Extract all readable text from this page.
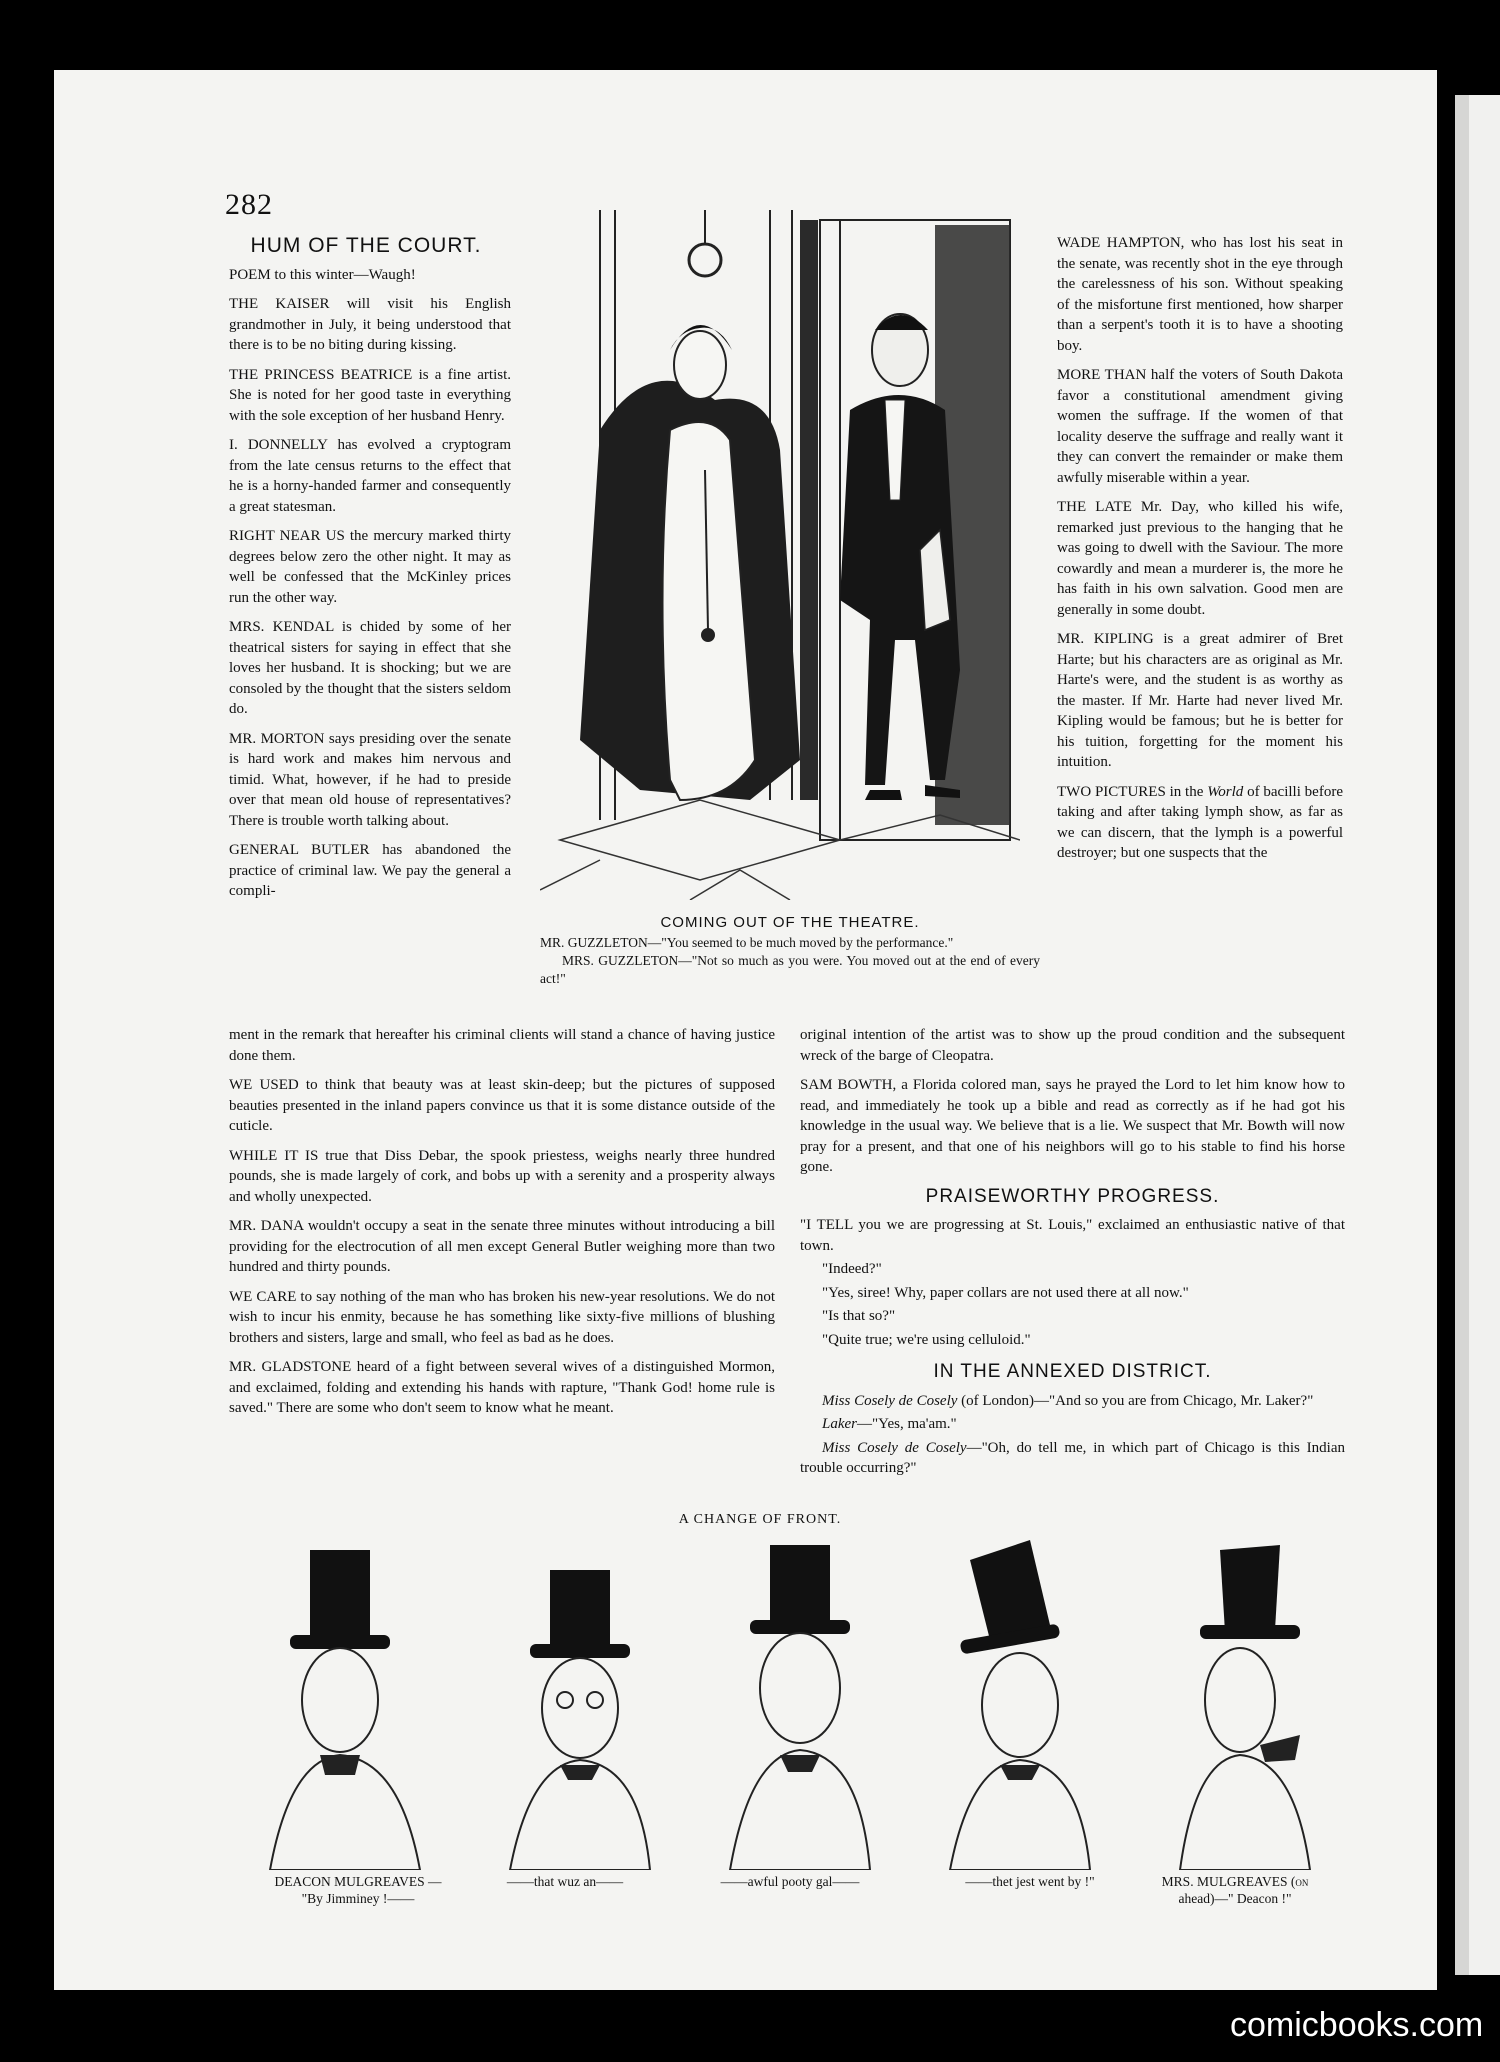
282
HUM OF THE COURT.

POEM to this winter—Waugh!

THE KAISER will visit his English grandmother in July, it being understood that there is to be no biting during kissing.

THE PRINCESS BEATRICE is a fine artist. She is noted for her good taste in everything with the sole exception of her husband Henry.

I. DONNELLY has evolved a cryptogram from the late census returns to the effect that he is a horny-handed farmer and consequently a great statesman.

RIGHT NEAR US the mercury marked thirty degrees below zero the other night. It may as well be confessed that the McKinley prices run the other way.

MRS. KENDAL is chided by some of her theatrical sisters for saying in effect that she loves her husband. It is shocking; but we are consoled by the thought that the sisters seldom do.

MR. MORTON says presiding over the senate is hard work and makes him nervous and timid. What, however, if he had to preside over that mean old house of representatives? There is trouble worth talking about.

GENERAL BUTLER has abandoned the practice of criminal law. We pay the general a compli-

COMING OUT OF THE THEATRE.

MR. GUZZLETON—"You seemed to be much moved by the performance."

MRS. GUZZLETON—"Not so much as you were. You moved out at the end of every act!"

WADE HAMPTON, who has lost his seat in the senate, was recently shot in the eye through the carelessness of his son. Without speaking of the misfortune first mentioned, how sharper than a serpent's tooth it is to have a shooting boy.

MORE THAN half the voters of South Dakota favor a constitutional amendment giving women the suffrage. If the women of that locality deserve the suffrage and really want it they can convert the remainder or make them awfully miserable within a year.

THE LATE Mr. Day, who killed his wife, remarked just previous to the hanging that he was going to dwell with the Saviour. The more cowardly and mean a murderer is, the more he has faith in his own salvation. Good men are generally in some doubt.

MR. KIPLING is a great admirer of Bret Harte; but his characters are as original as Mr. Harte's were, and the student is as worthy as the master. If Mr. Harte had never lived Mr. Kipling would be famous; but he is better for his tuition, forgetting for the moment his intuition.

TWO PICTURES in the World of bacilli before taking and after taking lymph show, as far as we can discern, that the lymph is a powerful destroyer; but one suspects that the

ment in the remark that hereafter his criminal clients will stand a chance of having justice done them.

WE USED to think that beauty was at least skin-deep; but the pictures of supposed beauties presented in the inland papers convince us that it is some distance outside of the cuticle.

WHILE IT IS true that Diss Debar, the spook priestess, weighs nearly three hundred pounds, she is made largely of cork, and bobs up with a serenity and a prosperity always and wholly unexpected.

MR. DANA wouldn't occupy a seat in the senate three minutes without introducing a bill providing for the electrocution of all men except General Butler weighing more than two hundred and thirty pounds.

WE CARE to say nothing of the man who has broken his new-year resolutions. We do not wish to incur his enmity, because he has something like sixty-five millions of blushing brothers and sisters, large and small, who feel as bad as he does.

MR. GLADSTONE heard of a fight between several wives of a distinguished Mormon, and exclaimed, folding and extending his hands with rapture, "Thank God! home rule is saved." There are some who don't seem to know what he meant.

original intention of the artist was to show up the proud condition and the subsequent wreck of the barge of Cleopatra.

SAM BOWTH, a Florida colored man, says he prayed the Lord to let him know how to read, and immediately he took up a bible and read as correctly as if he had got his knowledge in the usual way. We believe that is a lie. We suspect that Mr. Bowth will now pray for a present, and that one of his neighbors will go to his stable to find his horse gone.

PRAISEWORTHY PROGRESS.

"I TELL you we are progressing at St. Louis," exclaimed an enthusiastic native of that town.

"Indeed?"

"Yes, siree! Why, paper collars are not used there at all now."

"Is that so?"

"Quite true; we're using celluloid."

IN THE ANNEXED DISTRICT.

Miss Cosely de Cosely (of London)—"And so you are from Chicago, Mr. Laker?"

Laker—"Yes, ma'am."

Miss Cosely de Cosely—"Oh, do tell me, in which part of Chicago is this Indian trouble occurring?"

A CHANGE OF FRONT.
DEACON MULGREAVES —
"By Jimminey !——
——that wuz an——	——awful pooty gal——	——thet jest went by !"	MRS. MULGREAVES (on
ahead)—" Deacon !"
comicbooks.com
